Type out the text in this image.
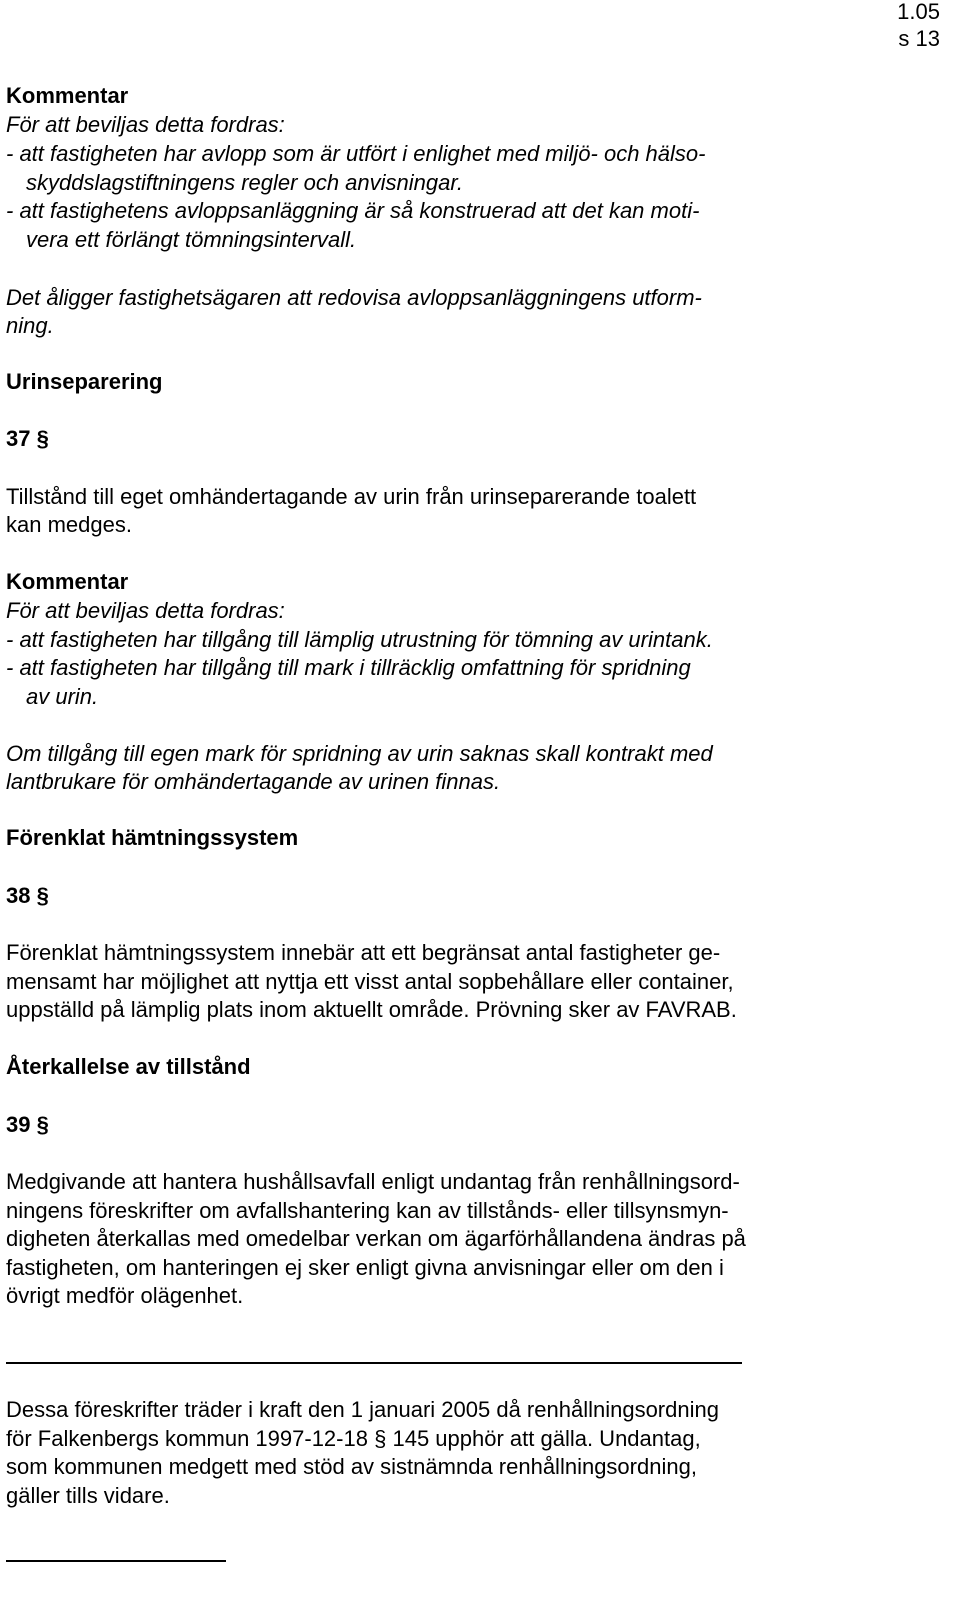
1.05
s 13
Kommentar
För att beviljas detta fordras:
- att fastigheten har avlopp som är utfört i enlighet med miljö- och hälso-
skyddslagstiftningens regler och anvisningar.
- att fastighetens avloppsanläggning är så konstruerad att det kan moti-
vera ett förlängt tömningsintervall.
Det åligger fastighetsägaren att redovisa avloppsanläggningens utform-
ning.
Urinseparering
37 §
Tillstånd till eget omhändertagande av urin från urinseparerande toalett
kan medges.
Kommentar
För att beviljas detta fordras:
- att fastigheten har tillgång till lämplig utrustning för tömning av urintank.
- att fastigheten har tillgång till mark i tillräcklig omfattning för spridning
av urin.
Om tillgång till egen mark för spridning av urin saknas skall kontrakt med
lantbrukare för omhändertagande av urinen finnas.
Förenklat hämtningssystem
38 §
Förenklat hämtningssystem innebär att ett begränsat antal fastigheter ge-
mensamt har möjlighet att nyttja ett visst antal sopbehållare eller container,
uppställd på lämplig plats inom aktuellt område. Prövning sker av FAVRAB.
Återkallelse av tillstånd
39 §
Medgivande att hantera hushållsavfall enligt undantag från renhållningsord-
ningens föreskrifter om avfallshantering kan av tillstånds- eller tillsynsmyn-
digheten återkallas med omedelbar verkan om ägarförhållandena ändras på
fastigheten, om hanteringen ej sker enligt givna anvisningar eller om den i
övrigt medför olägenhet.
Dessa föreskrifter träder i kraft den 1 januari 2005 då renhållningsordning
för Falkenbergs kommun 1997-12-18 § 145 upphör att gälla. Undantag,
som kommunen medgett med stöd av sistnämnda renhållningsordning,
gäller tills vidare.
